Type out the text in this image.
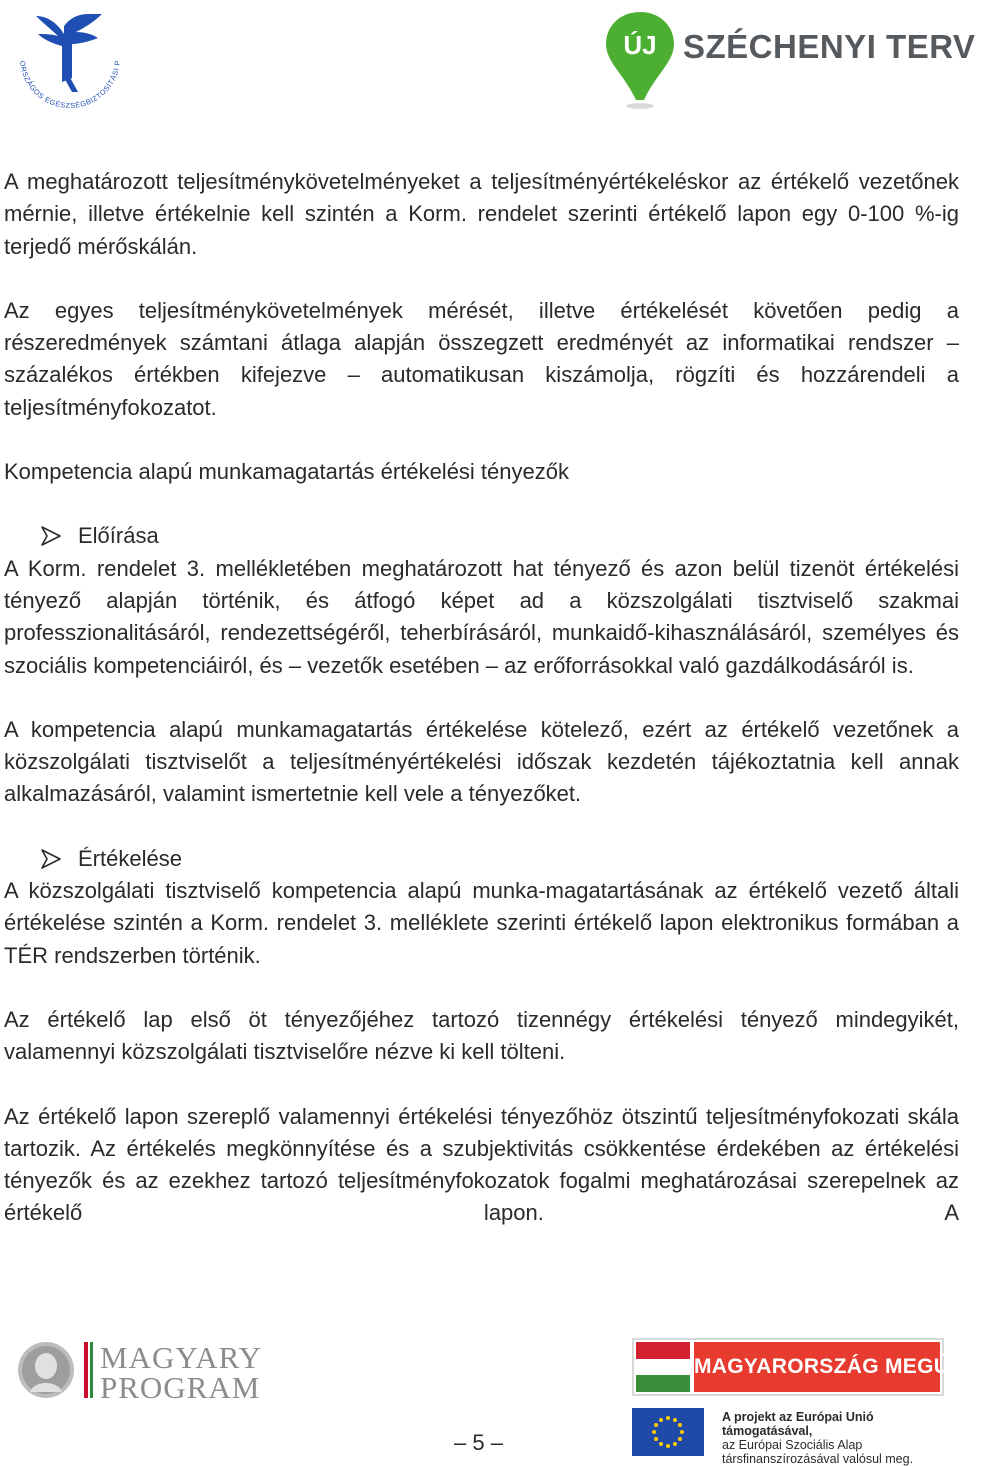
ORSZÁGOS EGÉSZSÉGBIZTOSÍTÁSI P
ÚJ SZÉCHENYI TERV

A meghatározott teljesítménykövetelményeket a teljesítményértékeléskor az értékelő vezetőnek mérnie, illetve értékelnie kell szintén a Korm. rendelet szerinti értékelő lapon egy 0-100 %-ig terjedő mérőskálán.

Az egyes teljesítménykövetelmények mérését, illetve értékelését követően pedig a részeredmények számtani átlaga alapján összegzett eredményét az informatikai rendszer – százalékos értékben kifejezve – automatikusan kiszámolja, rögzíti és hozzárendeli a teljesítményfokozatot.

Kompetencia alapú munkamagatartás értékelési tényezők

Előírása

A Korm. rendelet 3. mellékletében meghatározott hat tényező és azon belül tizenöt értékelési tényező alapján történik, és átfogó képet ad a közszolgálati tisztviselő szakmai professzionalitásáról, rendezettségéről, teherbírásáról, munkaidő-kihasználásáról, személyes és szociális kompetenciáiról, és – vezetők esetében – az erőforrásokkal való gazdálkodásáról is.

A kompetencia alapú munkamagatartás értékelése kötelező, ezért az értékelő vezetőnek a közszolgálati tisztviselőt a teljesítményértékelési időszak kezdetén tájékoztatnia kell annak alkalmazásáról, valamint ismertetnie kell vele a tényezőket.

Értékelése

A közszolgálati tisztviselő kompetencia alapú munka-magatartásának az értékelő vezető általi értékelése szintén a Korm. rendelet 3. melléklete szerinti értékelő lapon elektronikus formában a TÉR rendszerben történik.

Az értékelő lap első öt tényezőjéhez tartozó tizennégy értékelési tényező mindegyikét, valamennyi közszolgálati tisztviselőre nézve ki kell tölteni.

Az értékelő lapon szereplő valamennyi értékelési tényezőhöz ötszintű teljesítményfokozati skála tartozik. Az értékelés megkönnyítése és a szubjektivitás csökkentése érdekében az értékelési tényezők és az ezekhez tartozó teljesítményfokozatok fogalmi meghatározásai szerepelnek az értékelő lapon. A

MAGYARY
PROGRAM
MAGYARORSZÁG MEGÚJUL
A projekt az Európai Unió támogatásával,
az Európai Szociális Alap
társfinanszírozásával valósul meg.
– 5 –
